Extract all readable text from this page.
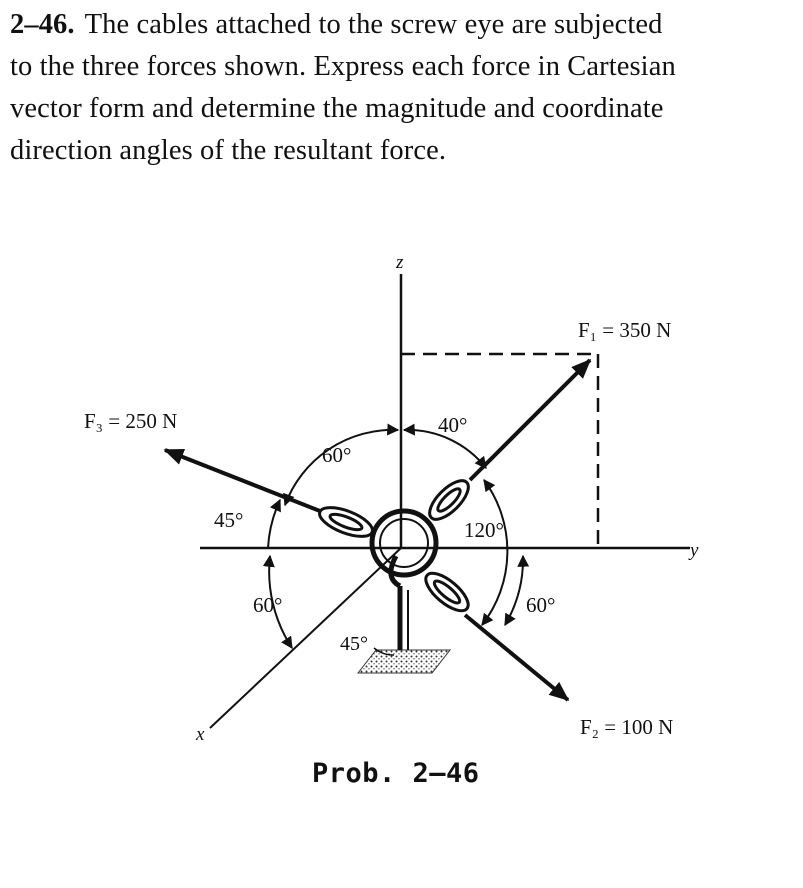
2–46. The cables attached to the screw eye are subjected
to the three forces shown. Express each force in Cartesian
vector form and determine the magnitude and coordinate
direction angles of the resultant force.
z
y
x
F₁ = 350 N
F₂ = 100 N
F₃ = 250 N	40°
60°
45°	120°
60°	60°
45°
Prob. 2–46
